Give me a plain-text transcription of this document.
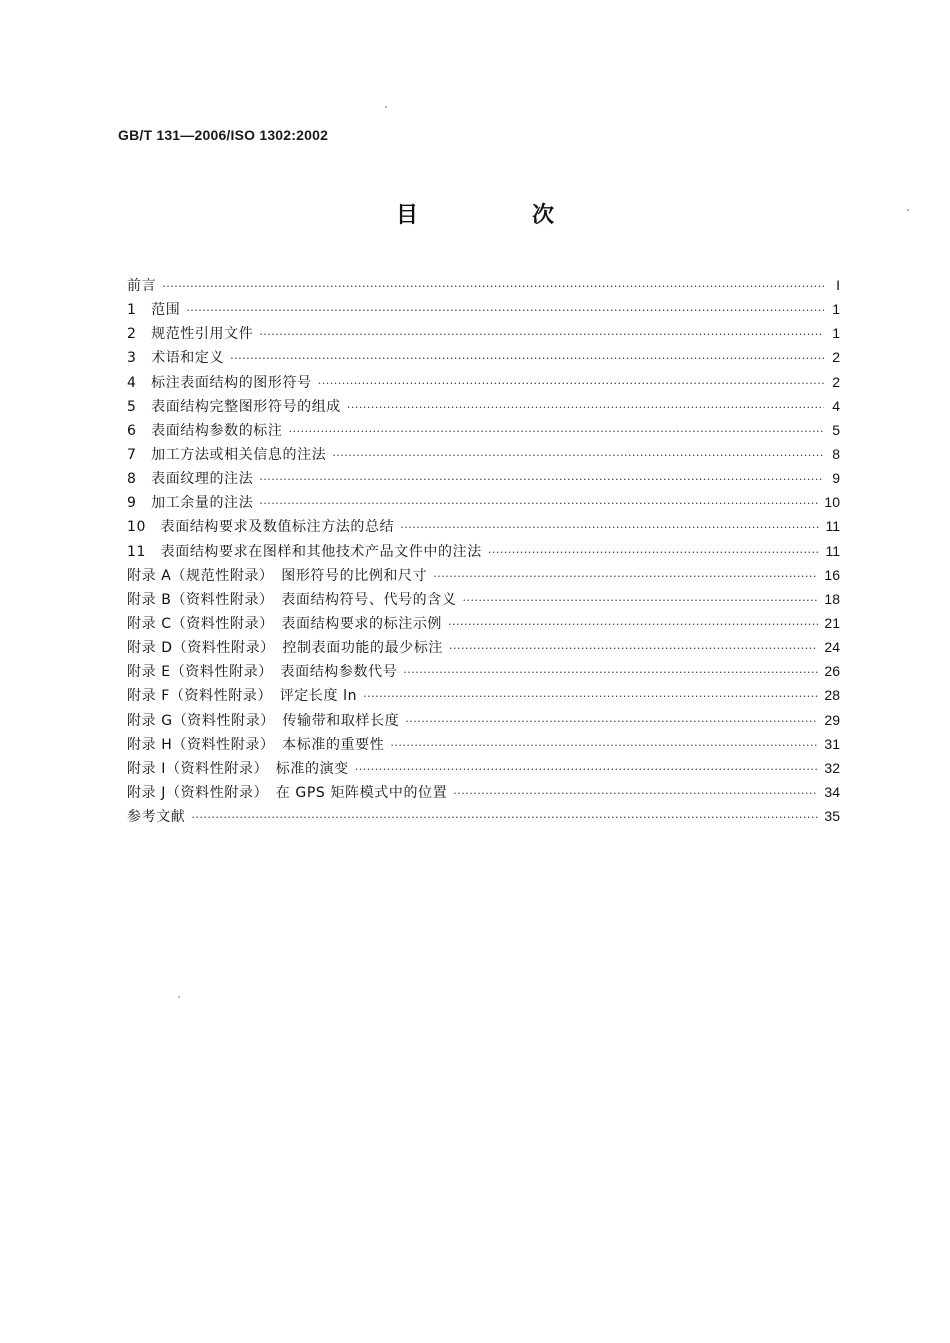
GB/T 131—2006/ISO 1302:2002
目　次
前言 ·····	I
1　范围 ·····	1
2　规范性引用文件 ·····	1
3　术语和定义 ·····	2
4　标注表面结构的图形符号 ·····	2
5　表面结构完整图形符号的组成 ·····	4
6　表面结构参数的标注 ·····	5
7　加工方法或相关信息的注法 ·····	8
8　表面纹理的注法 ·····	9
9　加工余量的注法 ·····	10
10　表面结构要求及数值标注方法的总结 ·····	11
11　表面结构要求在图样和其他技术产品文件中的注法 ·····	11
附录 A（规范性附录）　图形符号的比例和尺寸 ·····	16
附录 B（资料性附录）　表面结构符号、代号的含义 ·····	18
附录 C（资料性附录）　表面结构要求的标注示例 ·····	21
附录 D（资料性附录）　控制表面功能的最少标注 ·····	24
附录 E（资料性附录）　表面结构参数代号 ·····	26
附录 F（资料性附录）　评定长度 ln ·····	28
附录 G（资料性附录）　传输带和取样长度 ·····	29
附录 H（资料性附录）　本标准的重要性 ·····	31
附录 I（资料性附录）　标准的演变 ·····	32
附录 J（资料性附录）　在 GPS 矩阵模式中的位置 ·····	34
参考文献 ·····	35
